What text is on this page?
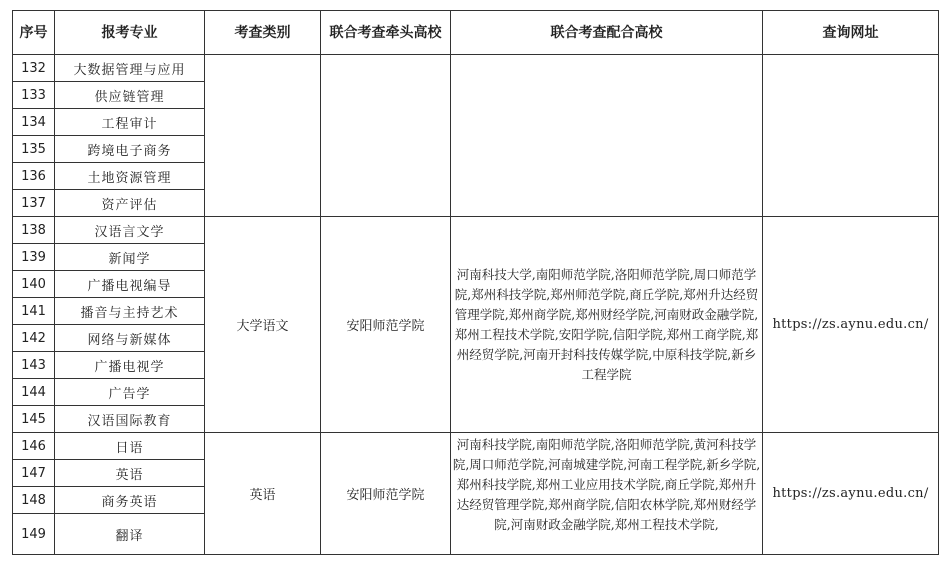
序号	报考专业	考查类别	联合考查牵头高校	联合考查配合高校	查询网址
132	大数据管理与应用				
133	供应链管理				
134	工程审计				
135	跨境电子商务				
136	土地资源管理				
137	资产评估				
138	汉语言文学	大学语文	安阳师范学院	河南科技大学,南阳师范学院,洛阳师范学院,周口师范学院,郑州科技学院,郑州师范学院,商丘学院,郑州升达经贸管理学院,郑州商学院,郑州财经学院,河南财政金融学院,郑州工程技术学院,安阳学院,信阳学院,郑州工商学院,郑州经贸学院,河南开封科技传媒学院,中原科技学院,新乡工程学院	https://zs.aynu.edu.cn/
139	新闻学				
140	广播电视编导				
141	播音与主持艺术				
142	网络与新媒体				
143	广播电视学				
144	广告学				
145	汉语国际教育				
146	日语	英语	安阳师范学院	河南科技学院,南阳师范学院,洛阳师范学院,黄河科技学院,周口师范学院,河南城建学院,河南工程学院,新乡学院,郑州科技学院,郑州工业应用技术学院,商丘学院,郑州升达经贸管理学院,郑州商学院,信阳农林学院,郑州财经学院,河南财政金融学院,郑州工程技术学院,	https://zs.aynu.edu.cn/
147	英语				
148	商务英语				
149	翻译				
